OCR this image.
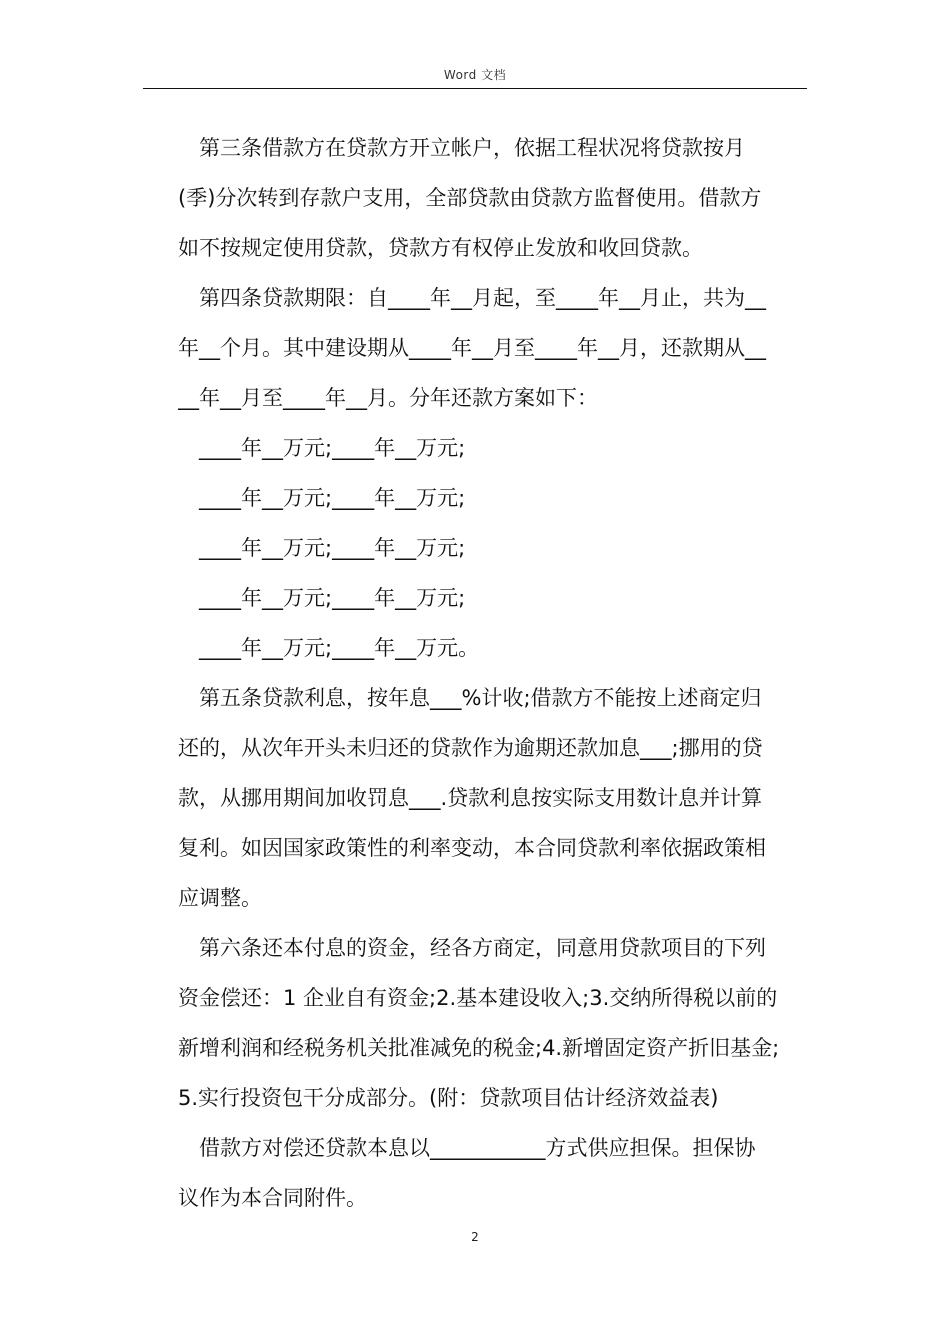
Word 文档
第三条借款方在贷款方开立帐户，依据工程状况将贷款按月
(季)分次转到存款户支用，全部贷款由贷款方监督使用。借款方
如不按规定使用贷款，贷款方有权停止发放和收回贷款。
第四条贷款期限：自____年__月起，至____年__月止，共为__
年__个月。其中建设期从____年__月至____年__月，还款期从__
__年__月至____年__月。分年还款方案如下：
____年__万元;____年__万元;
____年__万元;____年__万元;
____年__万元;____年__万元;
____年__万元;____年__万元;
____年__万元;____年__万元。
第五条贷款利息，按年息___%计收;借款方不能按上述商定归
还的，从次年开头未归还的贷款作为逾期还款加息___;挪用的贷
款，从挪用期间加收罚息___.贷款利息按实际支用数计息并计算
复利。如因国家政策性的利率变动，本合同贷款利率依据政策相
应调整。
第六条还本付息的资金，经各方商定，同意用贷款项目的下列
资金偿还：1 企业自有资金;2.基本建设收入;3.交纳所得税以前的
新增利润和经税务机关批准减免的税金;4.新增固定资产折旧基金;
5.实行投资包干分成部分。(附：贷款项目估计经济效益表)
借款方对偿还贷款本息以___________方式供应担保。担保协
议作为本合同附件。
2
